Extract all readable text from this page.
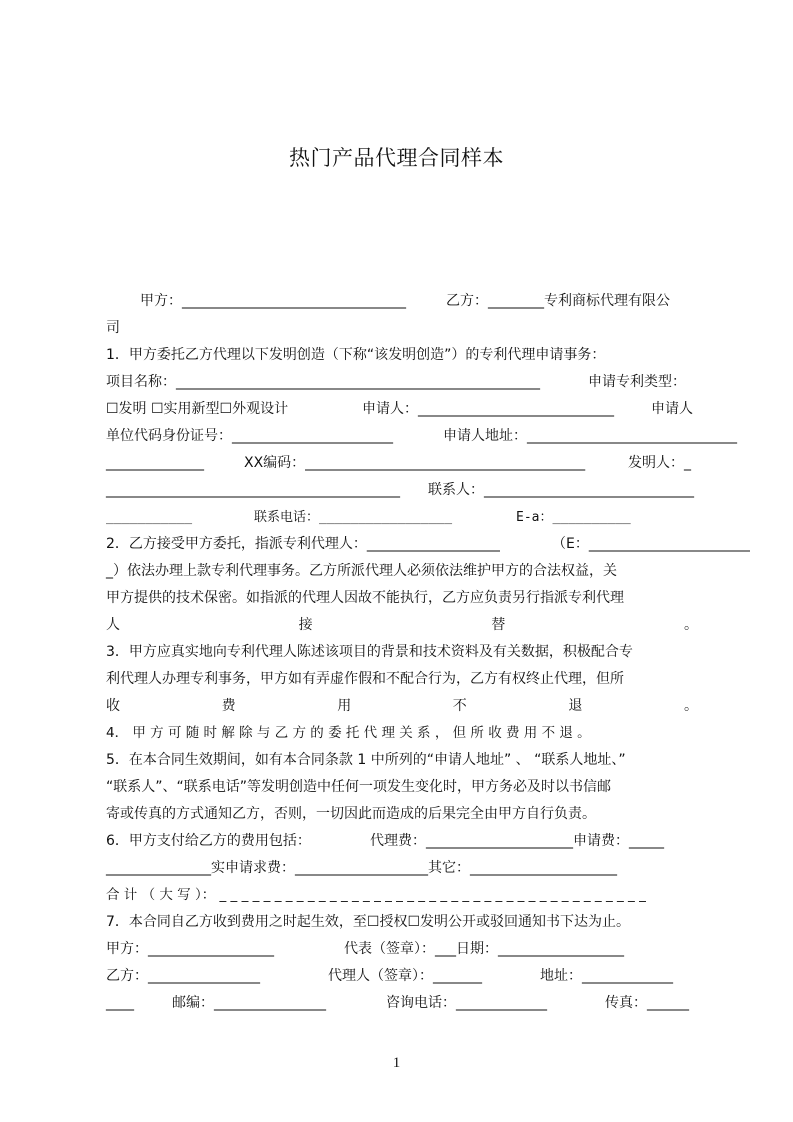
热门产品代理合同样本
甲方：________________________________	乙方：________专利商标代理有限公
司
1．甲方委托乙方代理以下发明创造（下称“该发明创造”）的专利代理申请事务：
项目名称：____________________________________________________	申请专利类型：
☐发明 ☐实用新型☐外观设计	申请人：____________________________	申请人
单位代码身份证号：_______________________	申请人地址：______________________________
______________	XX编码：________________________________________	发明人：_
__________________________________________ 联系人：______________________________
___________	联系电话：_________________	E-a：__________
2．乙方接受甲方委托，指派专利代理人：___________________	（E：_______________________
_）依法办理上款专利代理事务。乙方所派代理人必须依法维护甲方的合法权益，关
甲方提供的技术保密。如指派的代理人因故不能执行，乙方应负责另行指派专利代理
人	接	替	。
3．甲方应真实地向专利代理人陈述该项目的背景和技术资料及有关数据，积极配合专
利代理人办理专利事务，甲方如有弄虚作假和不配合行为，乙方有权终止代理，但所
收	费	用	不	退	。
4． 甲 方 可 随 时 解 除 与 乙 方 的 委 托 代 理 关 系 ， 但 所 收 费 用 不 退 。
5．在本合同生效期间，如有本合同条款 1 中所列的“申请人地址” 、 “联系人地址、”
“联系人”、“联系电话”等发明创造中任何一项发生变化时，甲方务必及时以书信邮
寄或传真的方式通知乙方，否则，一切因此而造成的后果完全由甲方自行负责。
6．甲方支付给乙方的费用包括：	代理费：_____________________申请费：_____
_______________实申请求费：___________________其它：_____________________
合 计 （ 大 写 ）： _ _ _ _ _ _ _ _ _ _ _ _ _ _ _ _ _ _ _ _ _ _ _ _ _ _ _ _ _ _ _ _ _ _ _ _ _ _ _
7．本合同自乙方收到费用之时起生效，至☐授权☐发明公开或驳回通知书下达为止。
甲方：__________________	代表（签章）：___日期：__________________
乙方：________________	代理人（签章）：_______	地址：_____________
____	邮编：________________	咨询电话：_____________	传真：______
1
